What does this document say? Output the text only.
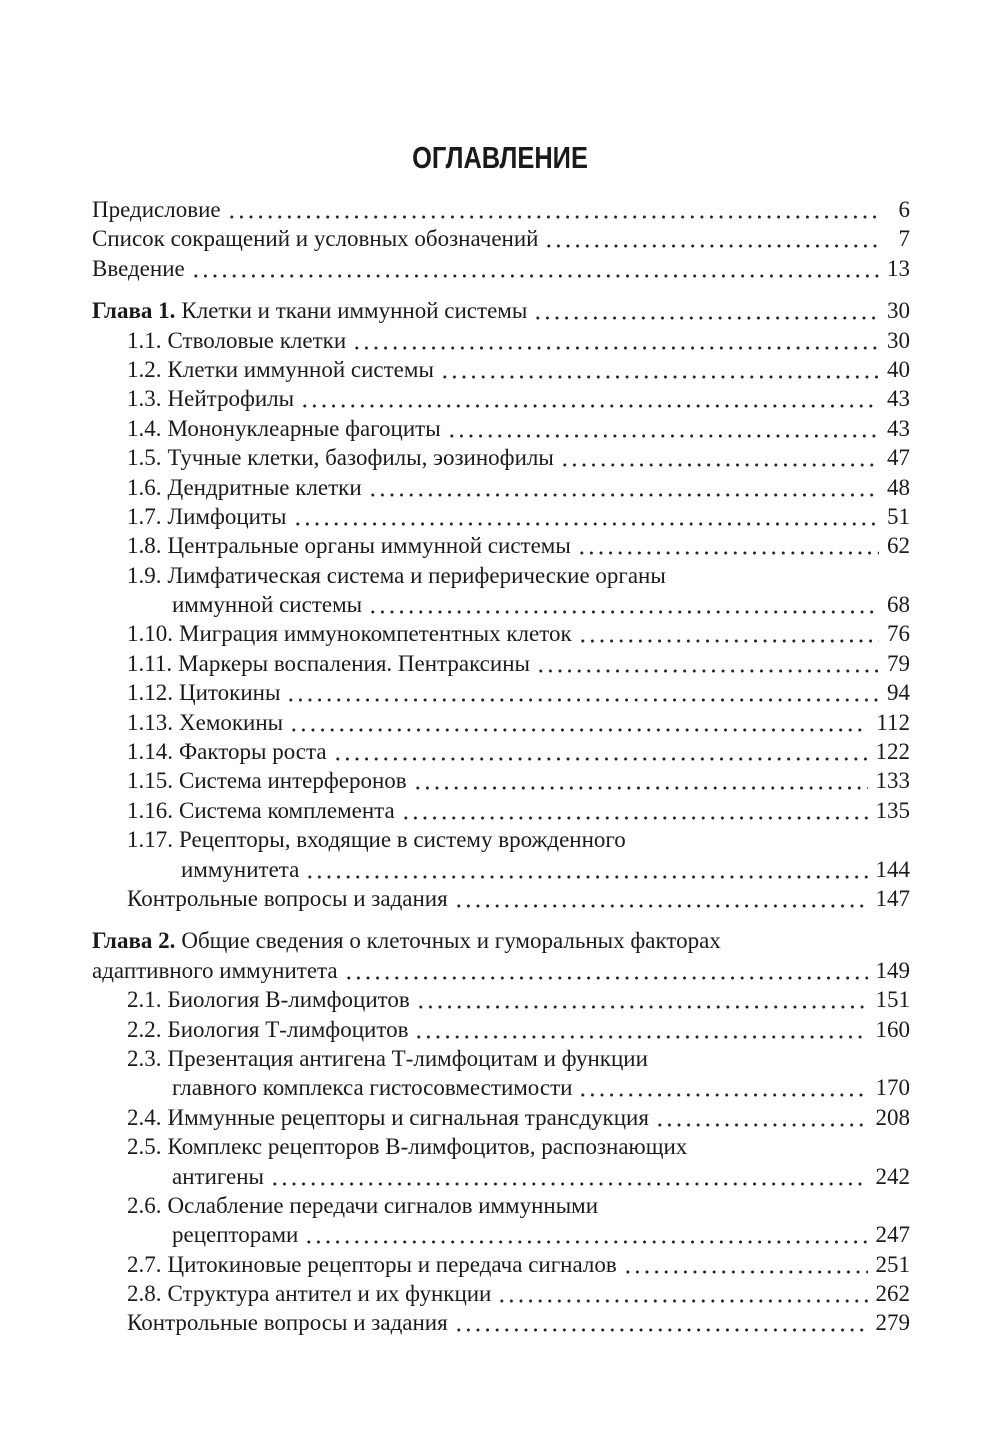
ОГЛАВЛЕНИЕ
Предисловие	6
Список сокращений и условных обозначений	7
Введение	13
Глава 1. Клетки и ткани иммунной системы	30
1.1. Стволовые клетки	30
1.2. Клетки иммунной системы	40
1.3. Нейтрофилы	43
1.4. Мононуклеарные фагоциты	43
1.5. Тучные клетки, базофилы, эозинофилы	47
1.6. Дендритные клетки	48
1.7. Лимфоциты	51
1.8. Центральные органы иммунной системы	62
1.9. Лимфатическая система и периферические органы
иммунной системы	68
1.10. Миграция иммунокомпетентных клеток	76
1.11. Маркеры воспаления. Пентраксины	79
1.12. Цитокины	94
1.13. Хемокины	112
1.14. Факторы роста	122
1.15. Система интерферонов	133
1.16. Система комплемента	135
1.17. Рецепторы, входящие в систему врожденного
иммунитета	144
Контрольные вопросы и задания	147
Глава 2. Общие сведения о клеточных и гуморальных факторах
адаптивного иммунитета	149
2.1. Биология В-лимфоцитов	151
2.2. Биология Т-лимфоцитов	160
2.3. Презентация антигена Т-лимфоцитам и функции
главного комплекса гистосовместимости	170
2.4. Иммунные рецепторы и сигнальная трансдукция	208
2.5. Комплекс рецепторов В-лимфоцитов, распознающих
антигены	242
2.6. Ослабление передачи сигналов иммунными
рецепторами	247
2.7. Цитокиновые рецепторы и передача сигналов	251
2.8. Структура антител и их функции	262
Контрольные вопросы и задания	279
